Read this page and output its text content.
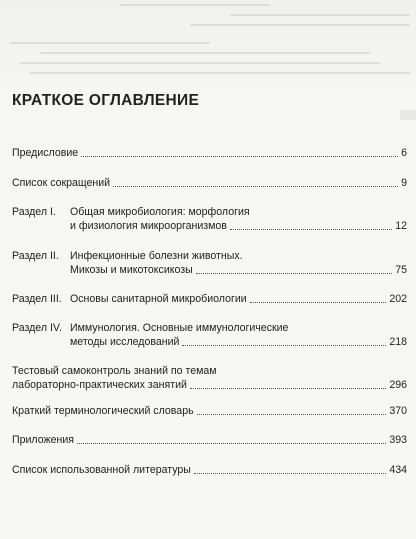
КРАТКОЕ ОГЛАВЛЕНИЕ
Предисловие	6
Список сокращений	9
Раздел I.	Общая микробиология: морфология
и физиология микроорганизмов	12
Раздел II.	Инфекционные болезни животных.
Микозы и микотоксикозы	75
Раздел III. Основы санитарной микробиологии	202
Раздел IV. Иммунология. Основные иммунологические
методы исследований	218
Тестовый самоконтроль знаний по темам
лабораторно-практических занятий	296
Краткий терминологический словарь	370
Приложения	393
Список использованной литературы	434
